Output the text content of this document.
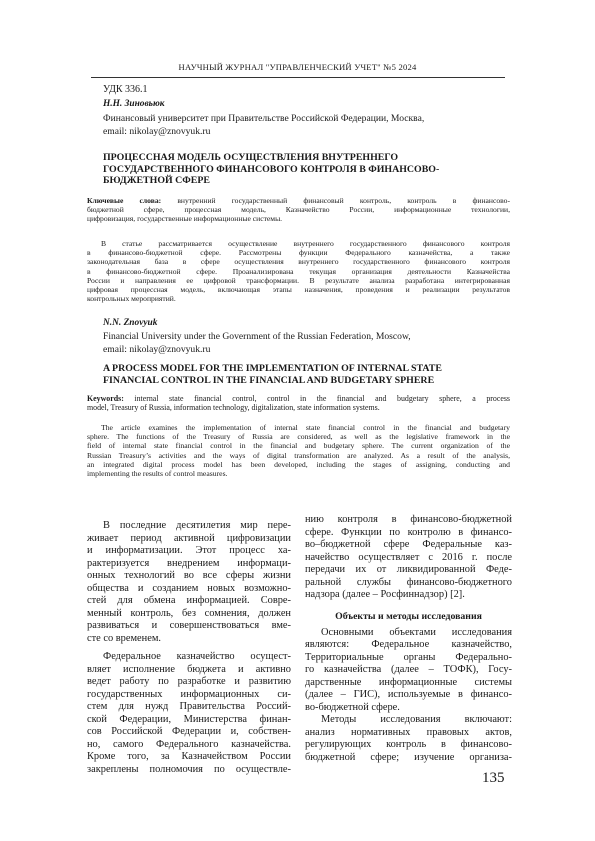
НАУЧНЫЙ ЖУРНАЛ "УПРАВЛЕНЧЕСКИЙ УЧЕТ" №5 2024
УДК 336.1
Н.Н. Зиновьюк
Финансовый университет при Правительстве Российской Федерации, Москва,
email: nikolay@znovyuk.ru
ПРОЦЕССНАЯ МОДЕЛЬ ОСУЩЕСТВЛЕНИЯ ВНУТРЕННЕГО
ГОСУДАРСТВЕННОГО ФИНАНСОВОГО КОНТРОЛЯ В ФИНАНСОВО-
БЮДЖЕТНОЙ СФЕРЕ
Ключевые слова: внутренний государственный финансовый контроль, контроль в финансово-
бюджетной сфере, процессная модель, Казначейство России, информационные технологии,
цифровизация, государственные информационные системы.
В статье рассматривается осуществление внутреннего государственного финансового контроля
в финансово-бюджетной сфере. Рассмотрены функции Федерального казначейства, а также
законодательная база в сфере осуществления внутреннего государственного финансового контроля
в финансово-бюджетной сфере. Проанализирована текущая организация деятельности Казначейства
России и направления ее цифровой трансформации. В результате анализа разработана интегрированная
цифровая процессная модель, включающая этапы назначения, проведения и реализации результатов
контрольных мероприятий.
N.N. Znovyuk
Financial University under the Government of the Russian Federation, Moscow,
email: nikolay@znovyuk.ru
A PROCESS MODEL FOR THE IMPLEMENTATION OF INTERNAL STATE
FINANCIAL CONTROL IN THE FINANCIAL AND BUDGETARY SPHERE
Keywords: internal state financial control, control in the financial and budgetary sphere, a process
model, Treasury of Russia, information technology, digitalization, state information systems.
The article examines the implementation of internal state financial control in the financial and budgetary
sphere. The functions of the Treasury of Russia are considered, as well as the legislative framework in the
field of internal state financial control in the financial and budgetary sphere. The current organization of the
Russian Treasury’s activities and the ways of digital transformation are analyzed. As a result of the analysis,
an integrated digital process model has been developed, including the stages of assigning, conducting and
implementing the results of control measures.
В последние десятилетия мир пере-
живает период активной цифровизации
и информатизации. Этот процесс ха-
рактеризуется внедрением информаци-
онных технологий во все сферы жизни
общества и созданием новых возможно-
стей для обмена информацией. Совре-
менный контроль, без сомнения, должен
развиваться и совершенствоваться вме-
сте со временем.
Федеральное казначейство осущест-
вляет исполнение бюджета и активно
ведет работу по разработке и развитию
государственных информационных си-
стем для нужд Правительства Россий-
ской Федерации, Министерства финан-
сов Российской Федерации и, собствен-
но, самого Федерального казначейства.
Кроме того, за Казначейством России
закреплены полномочия по осуществле-
нию контроля в финансово-бюджетной
сфере. Функции по контролю в финансо-
во–бюджетной сфере Федеральные каз-
начейство осуществляет с 2016 г. после
передачи их от ликвидированной Феде-
ральной службы финансово-бюджетного
надзора (далее – Росфиннадзор) [2].
Объекты и методы исследования
Основными объектами исследования
являются: Федеральное казначейство,
Территориальные органы Федерально-
го казначейства (далее – ТОФК), Госу-
дарственные информационные системы
(далее – ГИС), используемые в финансо-
во-бюджетной сфере.
Методы исследования включают:
анализ нормативных правовых актов,
регулирующих контроль в финансово-
бюджетной сфере; изучение организа-
135
